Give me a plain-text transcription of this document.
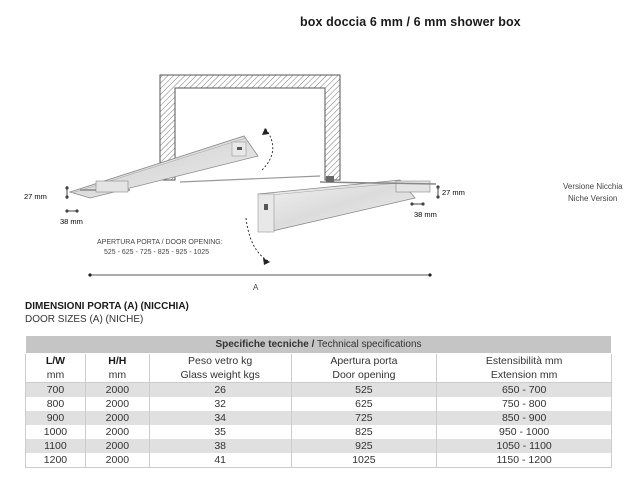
box doccia 6 mm / 6 mm shower box
27 mm
38 mm
27 mm
38 mm
Versione Nicchia
Niche Version
APERTURA PORTA / DOOR OPENING:
525 - 625 - 725 - 825 - 925 - 1025
A
DIMENSIONI PORTA (A) (NICCHIA)
DOOR SIZES (A) (NICHE)
Specifiche tecniche / Technical specifications				
L/W	H/H	Peso vetro kg	Apertura porta	Estensibilità mm
mm	mm	Glass weight kgs	Door opening	Extension mm
700	2000	26	525	650 - 700
800	2000	32	625	750 - 800
900	2000	34	725	850 - 900
1000	2000	35	825	950 - 1000
1100	2000	38	925	1050 - 1100
1200	2000	41	1025	1150 - 1200
